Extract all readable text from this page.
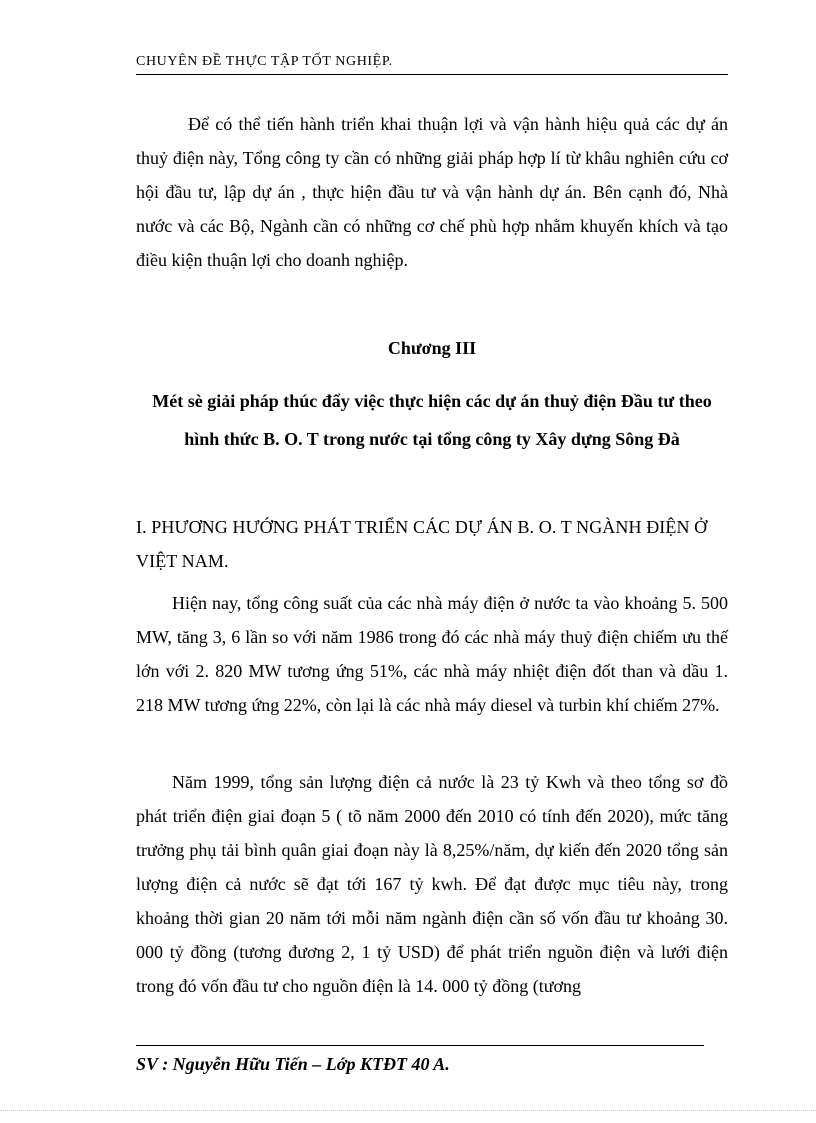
CHUYÊN ĐỀ THỰC TẬP TỐT NGHIỆP.

Để có thể tiến hành triển khai thuận lợi và vận hành hiệu quả các dự án thuỷ điện này, Tổng công ty cần có những giải pháp hợp lí từ khâu nghiên cứu cơ hội đầu tư, lập dự án , thực hiện đầu tư và vận hành dự án. Bên cạnh đó, Nhà nước và các Bộ, Ngành cần có những cơ chế phù hợp nhằm khuyến khích và tạo điều kiện thuận lợi cho doanh nghiệp.

Chương III

Mét sè giải pháp thúc đẩy việc thực hiện các dự án thuỷ điện Đầu tư theo hình thức B. O. T trong nước tại tổng công ty Xây dựng Sông Đà

I. PHƯƠNG HƯỚNG PHÁT TRIỂN CÁC DỰ ÁN B. O. T NGÀNH ĐIỆN Ở VIỆT NAM.

Hiện nay, tổng công suất của các nhà máy điện ở nước ta vào khoảng 5. 500 MW, tăng 3, 6 lần so với năm 1986 trong đó các nhà máy thuỷ điện chiếm ưu thế lớn với 2. 820 MW tương ứng 51%, các nhà máy nhiệt điện đốt than và dầu 1. 218 MW tương ứng 22%, còn lại là các nhà máy diesel và turbin khí chiếm 27%.

Năm 1999, tổng sản lượng điện cả nước là 23 tỷ Kwh và theo tổng sơ đồ phát triển điện giai đoạn 5 ( tõ năm 2000 đến 2010 có tính đến 2020), mức tăng trưởng phụ tải bình quân giai đoạn này là 8,25%/năm, dự kiến đến 2020 tổng sản lượng điện cả nước sẽ đạt tới 167 tỷ kwh. Để đạt được mục tiêu này, trong khoảng thời gian 20 năm tới mỗi năm ngành điện cần số vốn đầu tư khoảng 30. 000 tỷ đồng (tương đương 2, 1 tỷ USD) để phát triển nguồn điện và lưới điện trong đó vốn đầu tư cho nguồn điện là 14. 000 tỷ đồng (tương

SV : Nguyễn Hữu Tiến – Lớp KTĐT 40 A.
